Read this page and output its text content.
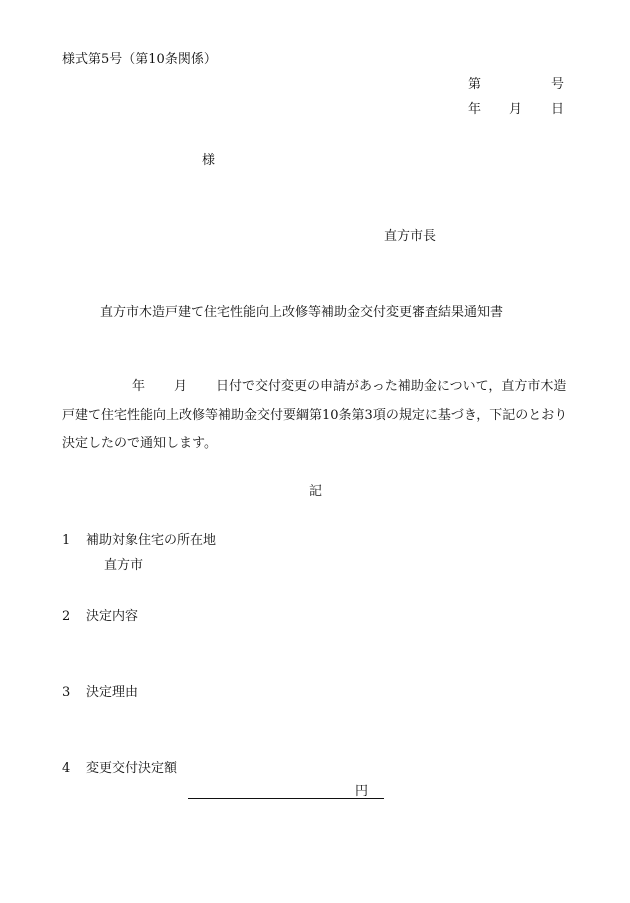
様式第5号（第10条関係）
第	号
年 月 日
様
直方市長
直方市木造戸建て住宅性能向上改修等補助金交付変更審査結果通知書
年 月 日付で交付変更の申請があった補助金について，直方市木造戸建て住宅性能向上改修等補助金交付要綱第10条第3項の規定に基づき，下記のとおり決定したので通知します。
記
1 補助対象住宅の所在地
直方市
2 決定内容
3 決定理由
4 変更交付決定額
円
